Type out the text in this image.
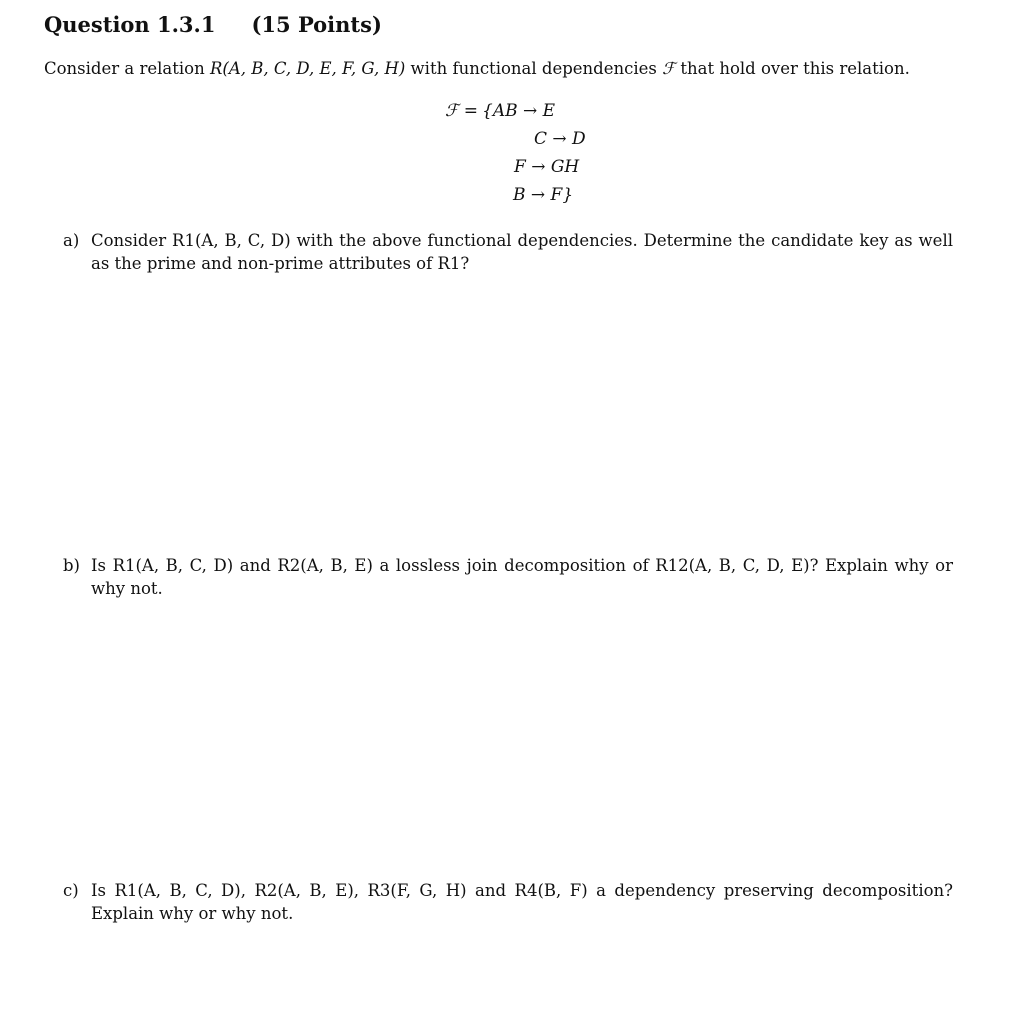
Question 1.3.1 (15 Points)
Consider a relation R(A, B, C, D, E, F, G, H) with functional dependencies ℱ that hold over this relation.
ℱ = {AB → E
C → D
F → GH
B → F}
a) Consider R1(A, B, C, D) with the above functional dependencies. Determine the candidate key as well as the prime and non-prime attributes of R1?
b) Is R1(A, B, C, D) and R2(A, B, E) a lossless join decomposition of R12(A, B, C, D, E)? Explain why or why not.
c) Is R1(A, B, C, D), R2(A, B, E), R3(F, G, H) and R4(B, F) a dependency preserving decomposition? Explain why or why not.
